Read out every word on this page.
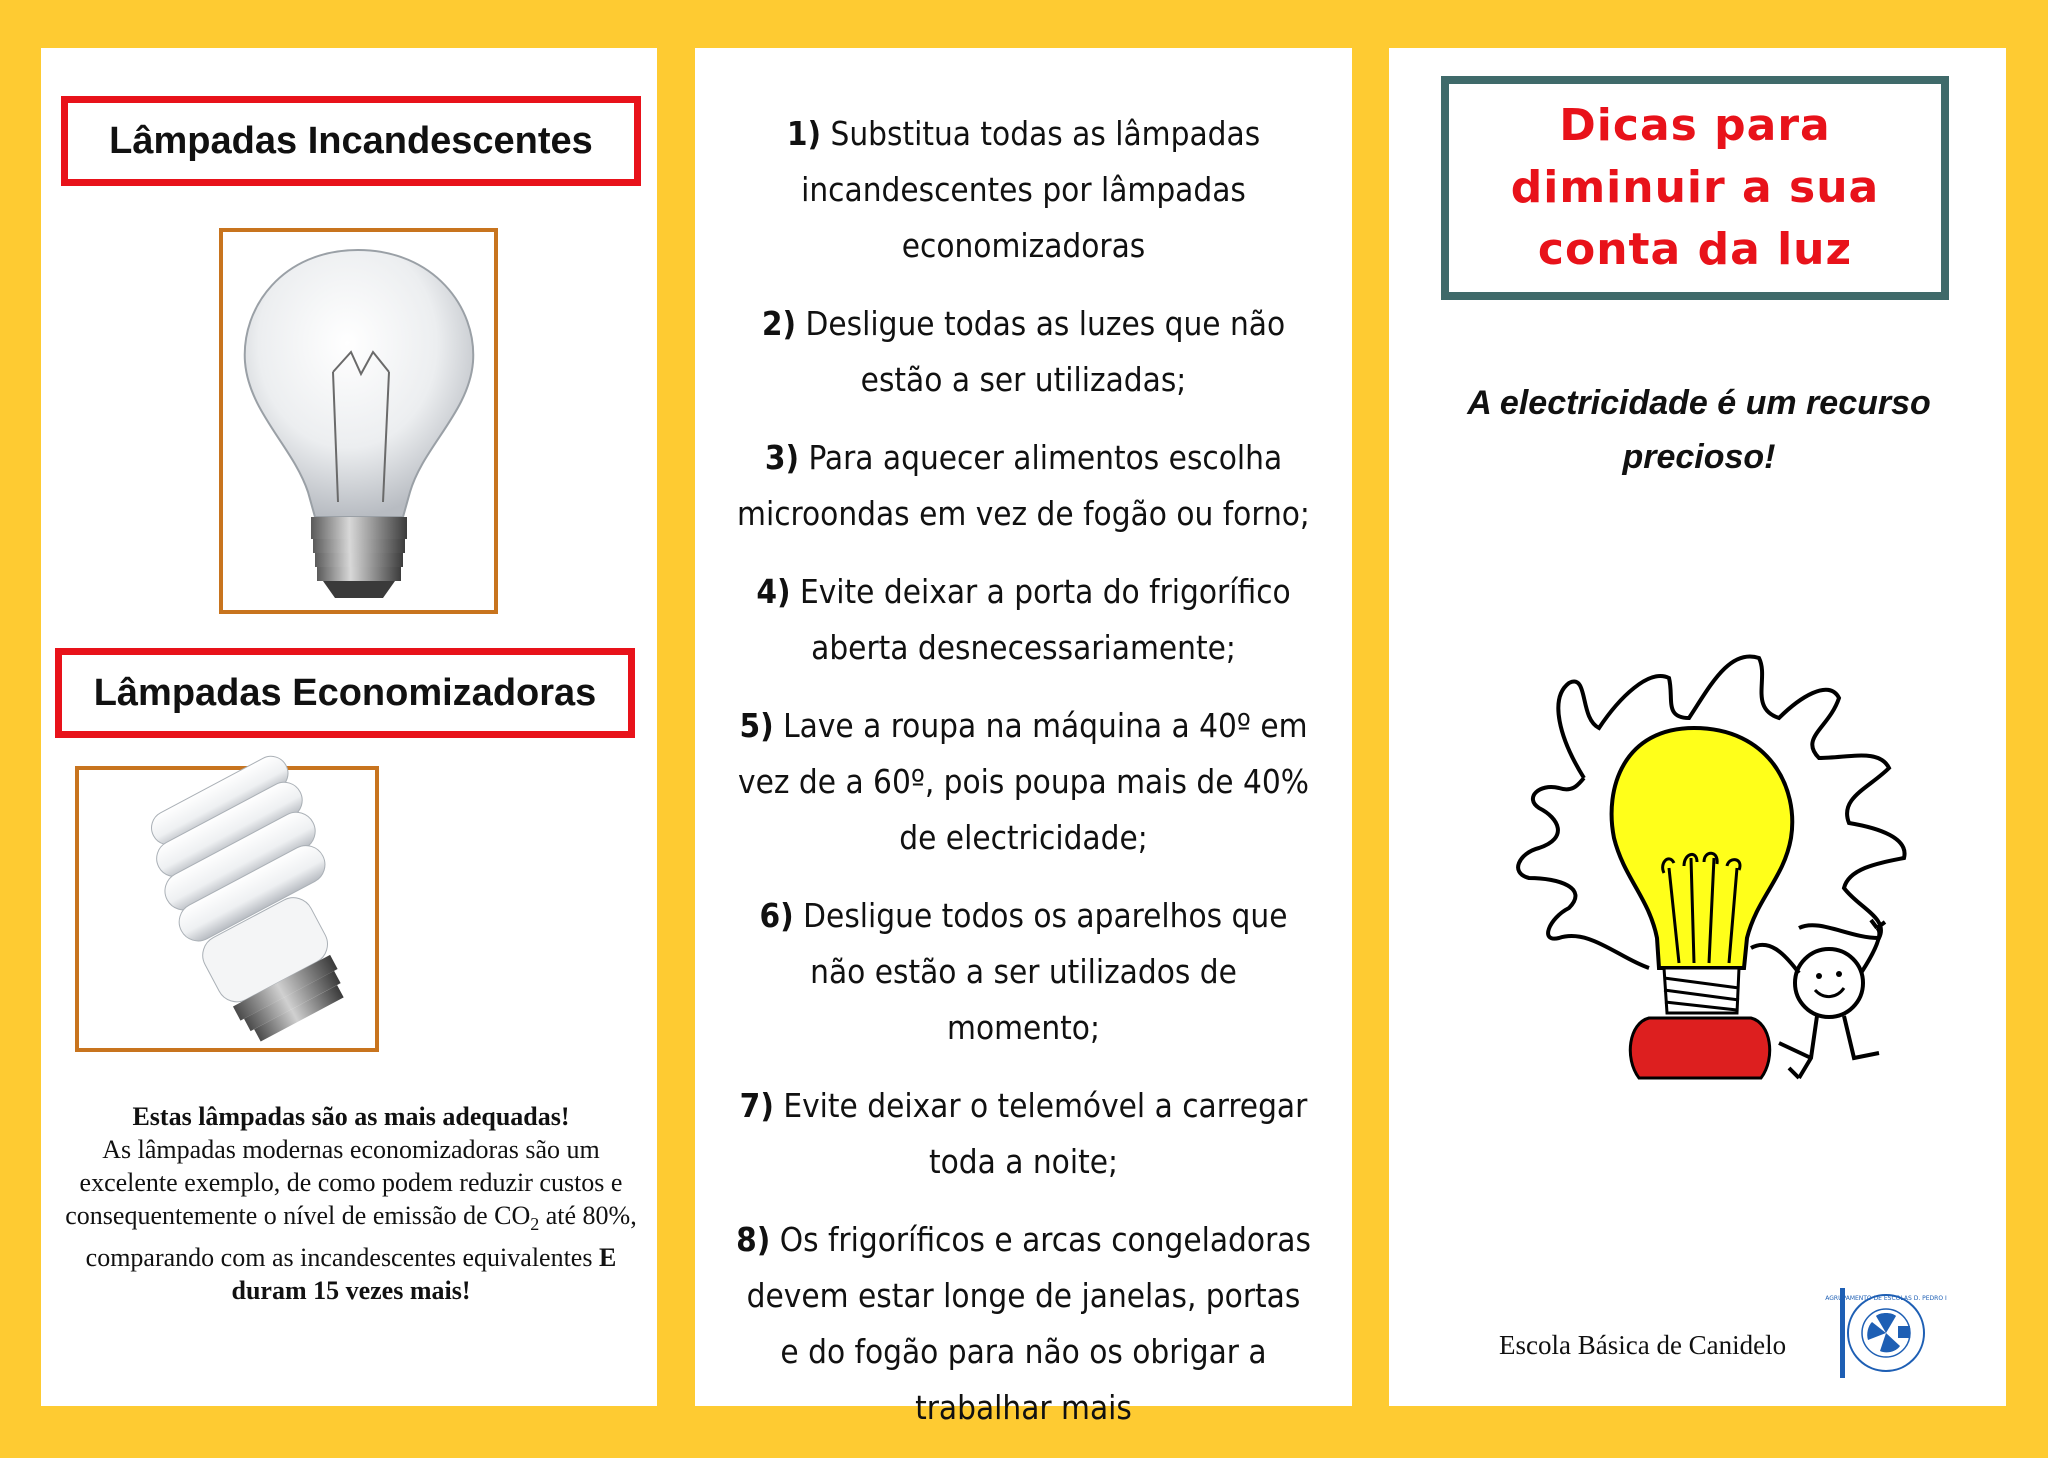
Lâmpadas Incandescentes
Lâmpadas Economizadoras
Estas lâmpadas são as mais adequadas!
As lâmpadas modernas economizadoras são um excelente exemplo, de como podem reduzir custos e consequentemente o nível de emissão de $CO_2$ até 80%, comparando com as incandescentes equivalentes E duram 15 vezes mais!
1) Substitua todas as lâmpadas incandescentes por lâmpadas economizadoras
2) Desligue todas as luzes que não estão a ser utilizadas;
3) Para aquecer alimentos escolha microondas em vez de fogão ou forno;
4) Evite deixar a porta do frigorífico aberta desnecessariamente;
5) Lave a roupa na máquina a 40º em vez de a 60º, pois poupa mais de 40% de electricidade;
6) Desligue todos os aparelhos que não estão a ser utilizados de momento;
7) Evite deixar o telemóvel a carregar toda a noite;
8) Os frigoríficos e arcas congeladoras devem estar longe de janelas, portas e do fogão para não os obrigar a trabalhar mais
Dicas para
diminuir a sua
conta da luz
A electricidade é um recurso precioso!
Escola Básica de Canidelo
AGRUPAMENTO DE ESCOLAS D. PEDRO I
